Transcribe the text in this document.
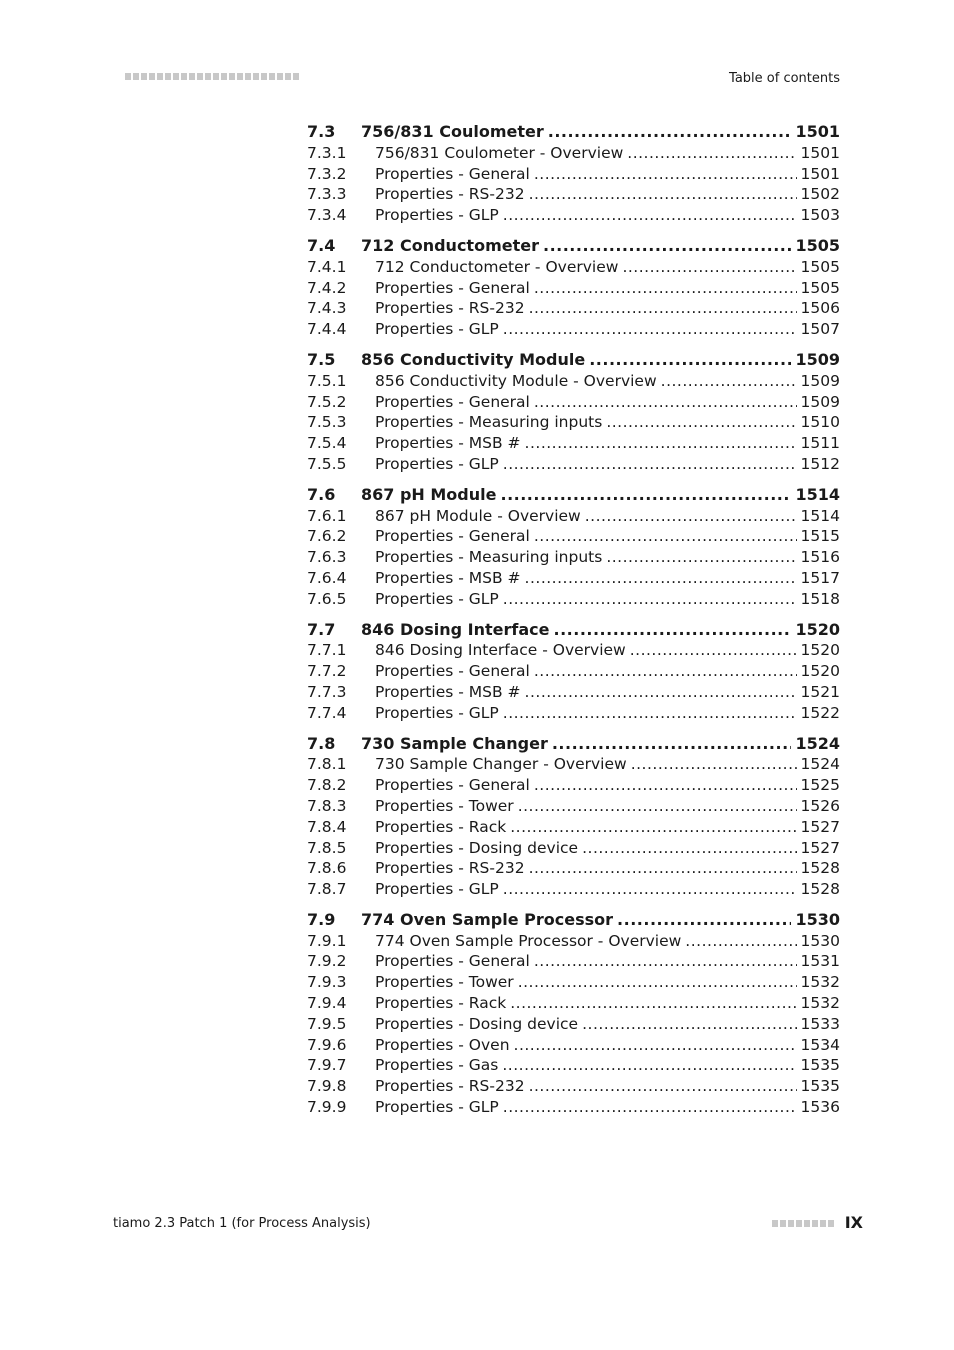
Table of contents
7.3	756/831 Coulometer .....	1501
7.3.1	756/831 Coulometer - Overview .....	1501
7.3.2	Properties - General .....	1501
7.3.3	Properties - RS-232 .....	1502
7.3.4	Properties - GLP .....	1503
7.4	712 Conductometer .....	1505
7.4.1	712 Conductometer - Overview .....	1505
7.4.2	Properties - General .....	1505
7.4.3	Properties - RS-232 .....	1506
7.4.4	Properties - GLP .....	1507
7.5	856 Conductivity Module .....	1509
7.5.1	856 Conductivity Module - Overview .....	1509
7.5.2	Properties - General .....	1509
7.5.3	Properties - Measuring inputs .....	1510
7.5.4	Properties - MSB # .....	1511
7.5.5	Properties - GLP .....	1512
7.6	867 pH Module .....	1514
7.6.1	867 pH Module - Overview .....	1514
7.6.2	Properties - General .....	1515
7.6.3	Properties - Measuring inputs .....	1516
7.6.4	Properties - MSB # .....	1517
7.6.5	Properties - GLP .....	1518
7.7	846 Dosing Interface .....	1520
7.7.1	846 Dosing Interface - Overview .....	1520
7.7.2	Properties - General .....	1520
7.7.3	Properties - MSB # .....	1521
7.7.4	Properties - GLP .....	1522
7.8	730 Sample Changer .....	1524
7.8.1	730 Sample Changer - Overview .....	1524
7.8.2	Properties - General .....	1525
7.8.3	Properties - Tower .....	1526
7.8.4	Properties - Rack .....	1527
7.8.5	Properties - Dosing device .....	1527
7.8.6	Properties - RS-232 .....	1528
7.8.7	Properties - GLP .....	1528
7.9	774 Oven Sample Processor .....	1530
7.9.1	774 Oven Sample Processor - Overview .....	1530
7.9.2	Properties - General .....	1531
7.9.3	Properties - Tower .....	1532
7.9.4	Properties - Rack .....	1532
7.9.5	Properties - Dosing device .....	1533
7.9.6	Properties - Oven .....	1534
7.9.7	Properties - Gas .....	1535
7.9.8	Properties - RS-232 .....	1535
7.9.9	Properties - GLP .....	1536
tiamo 2.3 Patch 1 (for Process Analysis)	IX
